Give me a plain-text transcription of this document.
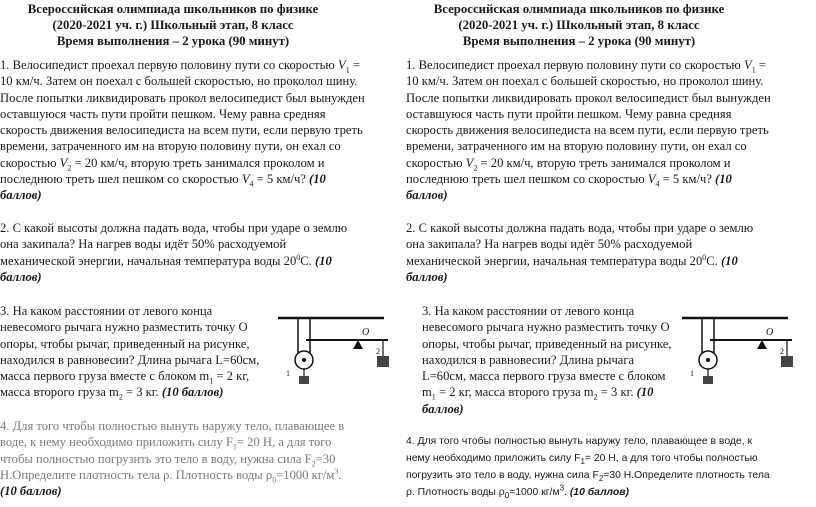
Всероссийская олимпиада школьников по физике
(2020-2021 уч. г.) Школьный этап, 8 класс
Время выполнения – 2 урока (90 минут)

1. Велосипедист проехал первую половину пути со скоростью $V_1 = 10$ км/ч. Затем он поехал с большей скоростью, но проколол шину. После попытки ликвидировать прокол велосипедист был вынужден оставшуюся часть пути пройти пешком. Чему равна средняя скорость движения велосипедиста на всем пути, если первую треть времени, затраченного им на вторую половину пути, он ехал со скоростью $V_2 = 20$ км/ч, вторую треть занимался проколом и последнюю треть шел пешком со скоростью $V_4 = 5$ км/ч? (10 баллов)

2. С какой высоты должна падать вода, чтобы при ударе о землю она закипала? На нагрев воды идёт 50% расходуемой механической энергии, начальная температура воды $20^0С$. (10 баллов)

3. На каком расстоянии от левого конца невесомого рычага нужно разместить точку О опоры, чтобы рычаг, приведенный на рисунке, находился в равновесии? Длина рычага L=60см, масса первого груза вместе с блоком $m_1 = 2$ кг, масса второго груза $m_2 = 3$ кг. (10 баллов)

4. Для того чтобы полностью вынуть наружу тело, плавающее в воде, к нему необходимо приложить силу $F_1= 20$ Н, а для того чтобы полностью погрузить это тело в воду, нужна сила $F_2=30$ Н.Определите плотность тела ρ. Плотность воды $\rho_0=1000$ $кг/м^3$. (10 баллов)

О
1
2
Всероссийская олимпиада школьников по физике
(2020-2021 уч. г.) Школьный этап, 8 класс
Время выполнения – 2 урока (90 минут)

1. Велосипедист проехал первую половину пути со скоростью $V_1 = 10$ км/ч. Затем он поехал с большей скоростью, но проколол шину. После попытки ликвидировать прокол велосипедист был вынужден оставшуюся часть пути пройти пешком. Чему равна средняя скорость движения велосипедиста на всем пути, если первую треть времени, затраченного им на вторую половину пути, он ехал со скоростью $V_2 = 20$ км/ч, вторую треть занимался проколом и последнюю треть шел пешком со скоростью $V_4 = 5$ км/ч? (10 баллов)

2. С какой высоты должна падать вода, чтобы при ударе о землю она закипала? На нагрев воды идёт 50% расходуемой механической энергии, начальная температура воды $20^0С$. (10 баллов)

3. На каком расстоянии от левого конца невесомого рычага нужно разместить точку О опоры, чтобы рычаг, приведенный на рисунке, находился в равновесии? Длина рычага L=60см, масса первого груза вместе с блоком $m_1 = 2$ кг, масса второго груза $m_2 = 3$ кг. (10 баллов)

4. Для того чтобы полностью вынуть наружу тело, плавающее в воде, к нему необходимо приложить силу $F_1= 20$ Н, а для того чтобы полностью погрузить это тело в воду, нужна сила $F_2=30$ Н.Определите плотность тела ρ. Плотность воды $\rho_0=1000$ $кг/м^3$. (10 баллов)

О
1
2
